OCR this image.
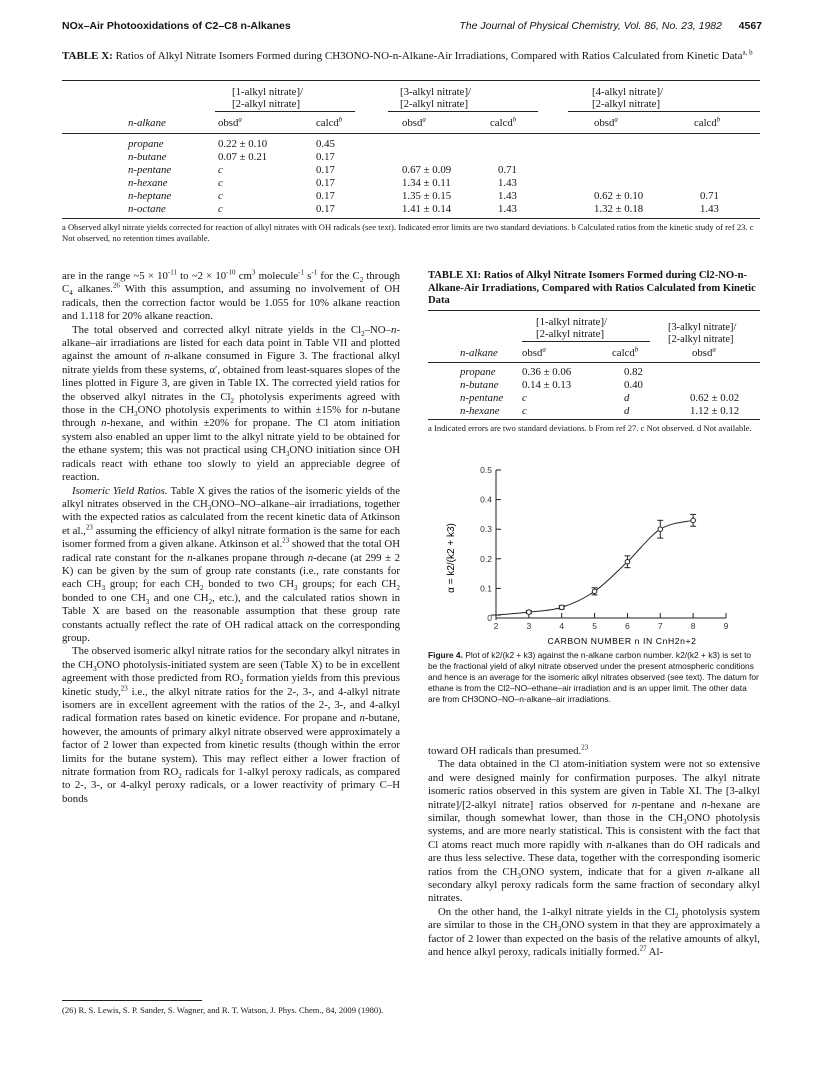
NOx–Air Photooxidations of C2–C8 n-Alkanes	The Journal of Physical Chemistry, Vol. 86, No. 23, 1982 4567
TABLE X: Ratios of Alkyl Nitrate Isomers Formed during CH3ONO-NO-n-Alkane-Air Irradiations, Compared with Ratios Calculated from Kinetic Data$^{a, b}$
[1-alkyl nitrate]/
[2-alkyl nitrate]
[3-alkyl nitrate]/
[2-alkyl nitrate]
[4-alkyl nitrate]/
[2-alkyl nitrate]
n-alkane	obsd$^a$	calcd$^b$	obsd$^a$	calcd$^b$	obsd$^a$	calcd$^b$
propane	0.22 ± 0.10	0.45
n-butane	0.07 ± 0.21	0.17
n-pentane	c	0.17	0.67 ± 0.09	0.71
n-hexane	c	0.17	1.34 ± 0.11	1.43
n-heptane	c	0.17	1.35 ± 0.15	1.43	0.62 ± 0.10	0.71
n-octane	c	0.17	1.41 ± 0.14	1.43	1.32 ± 0.18	1.43
a Observed alkyl nitrate yields corrected for reaction of alkyl nitrates with OH radicals (see text). Indicated error limits are two standard deviations. b Calculated ratios from the kinetic study of ref 23. c Not observed, no retention times available.

are in the range ~5 × $10^{-11}$ to ~2 × $10^{-10}$ $cm^3$ molecule$^{-1}$ $s^{-1}$ for the $C_2$ through $C_4$ alkanes.$^{26}$ With this assumption, and assuming no involvement of OH radicals, then the correction factor would be 1.055 for 10% alkane reaction and 1.118 for 20% alkane reaction.

The total observed and corrected alkyl nitrate yields in the $Cl_2-NO-n-alkane$–air irradiations are listed for each data point in Table VII and plotted against the amount of n-alkane consumed in Figure 3. The fractional alkyl nitrate yields from these systems, α′, obtained from least-squares slopes of the lines plotted in Figure 3, are given in Table IX. The corrected yield ratios for the observed alkyl nitrates in the $Cl_2$ photolysis experiments agreed with those in the $CH_3ONO$ photolysis experiments to within ±15% for n-butane through n-hexane, and within ±20% for propane. The Cl atom initiation system also enabled an upper limt to the alkyl nitrate yield to be obtained for the ethane system; this was not practical using $CH_3ONO$ initiation since OH radicals react with ethane too slowly to yield an appreciable degree of reaction.

Isomeric Yield Ratios. Table X gives the ratios of the isomeric yields of the alkyl nitrates observed in the $CH_3ONO-NO-alkane$–air irradiations, together with the expected ratios as calculated from the recent kinetic data of Atkinson et al.,$^{23}$ assuming the efficiency of alkyl nitrate formation is the same for each isomer formed from a given alkane. Atkinson et al.$^{23}$ showed that the total OH radical rate constant for the n-alkanes propane through n-decane (at 299 ± 2 K) can be given by the sum of group rate constants (i.e., rate constants for each $CH_3$ group; for each $CH_2$ bonded to two $CH_3$ groups; for each $CH_2$ bonded to one $CH_3$ and one $CH_2$, etc.), and the calculated ratios shown in Table X are based on the reasonable assumption that these group rate constants actually reflect the rate of OH radical attack on the corresponding group.

The observed isomeric alkyl nitrate ratios for the secondary alkyl nitrates in the $CH_3ONO$ photolysis-initiated system are seen (Table X) to be in excellent agreement with those predicted from $RO_2$ formation yields from this previous kinetic study,$^{23}$ i.e., the alkyl nitrate ratios for the 2-, 3-, and 4-alkyl nitrate isomers are in excellent agreement with the ratios of the 2-, 3-, and 4-alkyl radical formation rates based on kinetic evidence. For propane and n-butane, however, the amounts of primary alkyl nitrate observed were approximately a factor of 2 lower than expected from kinetic results (though within the error limits for the butane system). This may reflect either a lower fraction of nitrate formation from $RO_2$ radicals for 1-alkyl peroxy radicals, as compared to 2-, 3-, or 4-alkyl peroxy radicals, or a lower reactivity of primary C–H bonds

(26) R. S. Lewis, S. P. Sander, S. Wagner, and R. T. Watson, J. Phys. Chem., 84, 2009 (1980).
TABLE XI: Ratios of Alkyl Nitrate Isomers Formed during Cl2-NO-n-Alkane-Air Irradiations, Compared with Ratios Calculated from Kinetic Data
[1-alkyl nitrate]/
[2-alkyl nitrate]
[3-alkyl nitrate]/
[2-alkyl nitrate]
n-alkane obsd$^a$	calcd$^b$	obsd$^a$
propane 0.36 ± 0.06	0.82
n-butane 0.14 ± 0.13	0.40
n-pentane c	d	0.62 ± 0.02
n-hexane c	d	1.12 ± 0.12
a Indicated errors are two standard deviations. b From ref 27. c Not observed. d Not available.
α = k2/(k2 + k3)
CARBON NUMBER n IN CnH2n+2
0
0.1
0.2
0.3
0.4
0.5
2	3	4	5	6	7	8	9
Figure 4. Plot of k2/(k2 + k3) against the n-alkane carbon number. k2/(k2 + k3) is set to be the fractional yield of alkyl nitrate observed under the present atmospheric conditions and hence is an average for the isomeric alkyl nitrates observed (see text). The datum for ethane is from the Cl2–NO–ethane–air irradiation and is an upper limit. The other data are from CH3ONO–NO–n-alkane–air irradiations.

toward OH radicals than presumed.$^{23}$

The data obtained in the Cl atom-initiation system were not so extensive and were designed mainly for confirmation purposes. The alkyl nitrate isomeric ratios observed in this system are given in Table XI. The [3-alkyl nitrate]/[2-alkyl nitrate] ratios observed for n-pentane and n-hexane are similar, though somewhat lower, than those in the $CH_3ONO$ photolysis systems, and are more nearly statistical. This is consistent with the fact that Cl atoms react much more rapidly with n-alkanes than do OH radicals and are thus less selective. These data, together with the corresponding isomeric ratios from the $CH_3ONO$ system, indicate that for a given n-alkane all secondary alkyl peroxy radicals form the same fraction of secondary alkyl nitrates.

On the other hand, the 1-alkyl nitrate yields in the $Cl_2$ photolysis system are similar to those in the $CH_3ONO$ system in that they are approximately a factor of 2 lower than expected on the basis of the relative amounts of alkyl, and hence alkyl peroxy, radicals initially formed.$^{27}$ Al-
